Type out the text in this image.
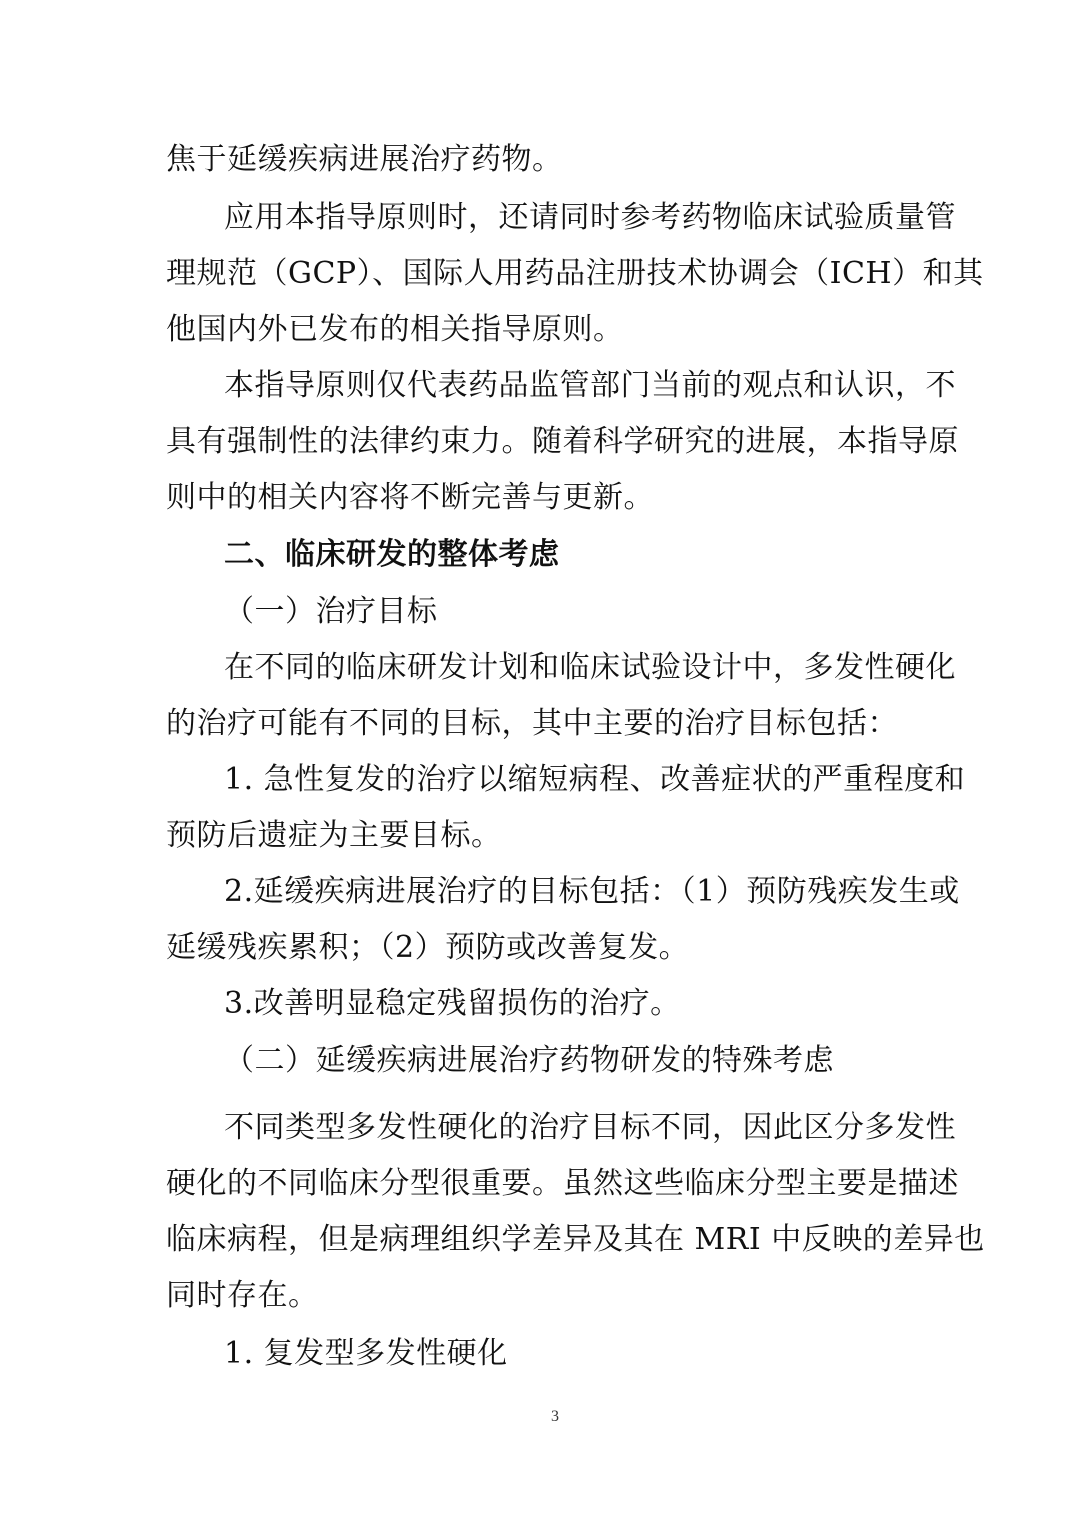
焦于延缓疾病进展治疗药物。
应用本指导原则时，还请同时参考药物临床试验质量管
理规范（GCP）、国际人用药品注册技术协调会（ICH）和其
他国内外已发布的相关指导原则。
本指导原则仅代表药品监管部门当前的观点和认识，不
具有强制性的法律约束力。随着科学研究的进展，本指导原
则中的相关内容将不断完善与更新。
二、临床研发的整体考虑
（一）治疗目标
在不同的临床研发计划和临床试验设计中，多发性硬化
的治疗可能有不同的目标，其中主要的治疗目标包括：
1. 急性复发的治疗以缩短病程、改善症状的严重程度和
预防后遗症为主要目标。
2.延缓疾病进展治疗的目标包括：（1）预防残疾发生或
延缓残疾累积；（2）预防或改善复发。
3.改善明显稳定残留损伤的治疗。
（二）延缓疾病进展治疗药物研发的特殊考虑
不同类型多发性硬化的治疗目标不同，因此区分多发性
硬化的不同临床分型很重要。虽然这些临床分型主要是描述
临床病程，但是病理组织学差异及其在 MRI 中反映的差异也
同时存在。
1. 复发型多发性硬化
3
